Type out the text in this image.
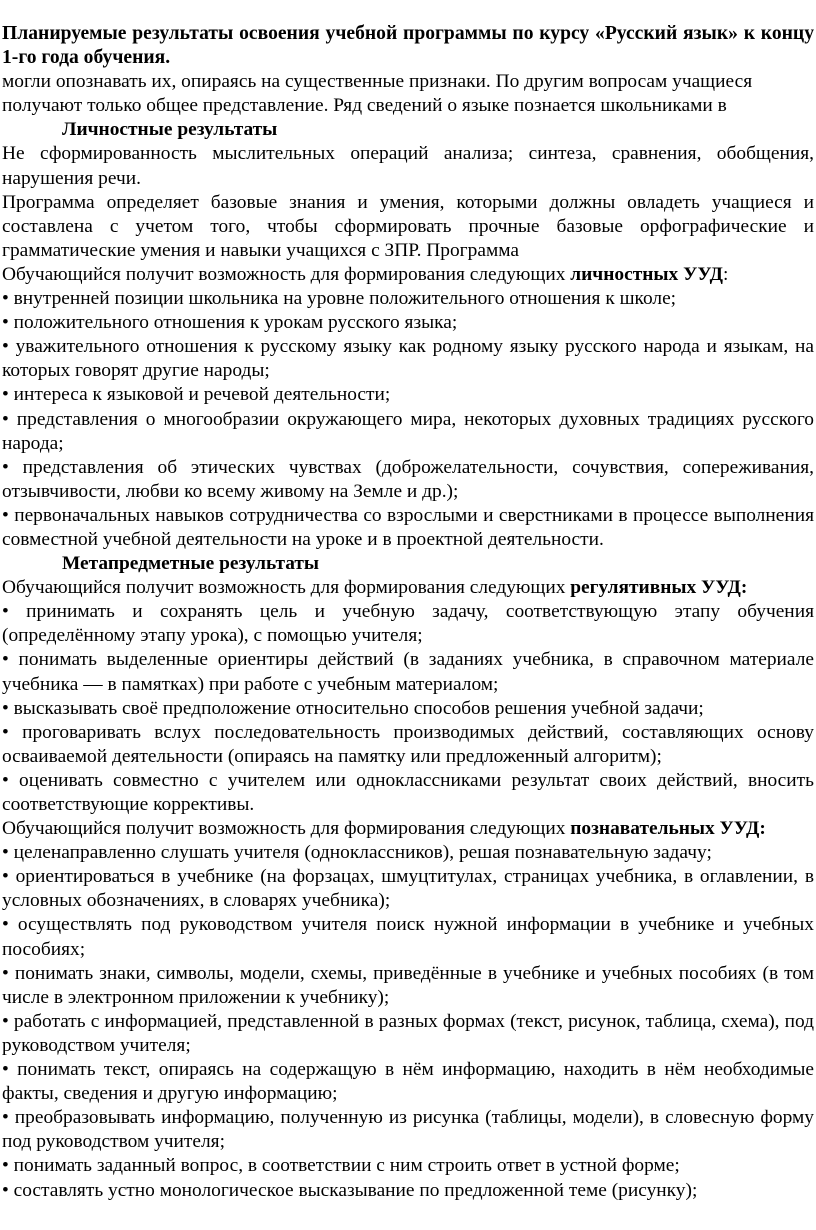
Планируемые результаты освоения учебной программы по курсу «Русский язык» к концу 1-го года обучения.

могли опознавать их, опираясь на существенные признаки. По другим вопросам учащиеся получают только общее представление. Ряд сведений о языке познается школьниками в

Личностные результаты

Не сформированность мыслительных операций анализа; синтеза, сравнения, обобщения, нарушения речи.

Программа определяет базовые знания и умения, которыми должны овладеть учащиеся и составлена с учетом того, чтобы сформировать прочные базовые орфографические и грамматические умения и навыки учащихся с ЗПР. Программа

Обучающийся получит возможность для формирования следующих личностных УУД:

• внутренней позиции школьника на уровне положительного отношения к школе;

• положительного отношения к урокам русского языка;

• уважительного отношения к русскому языку как родному языку русского народа и языкам, на которых говорят другие народы;

• интереса к языковой и речевой деятельности;

• представления о многообразии окружающего мира, некоторых духовных традициях русского народа;

• представления об этических чувствах (доброжелательности, сочувствия, сопереживания, отзывчивости, любви ко всему живому на Земле и др.);

• первоначальных навыков сотрудничества со взрослыми и сверстниками в процессе выполнения совместной учебной деятельности на уроке и в проектной деятельности.

Метапредметные результаты

Обучающийся получит возможность для формирования следующих регулятивных УУД:

• принимать и сохранять цель и учебную задачу, соответствующую этапу обучения (определённому этапу урока), с помощью учителя;

• понимать выделенные ориентиры действий (в заданиях учебника, в справочном материале учебника — в памятках) при работе с учебным материалом;

• высказывать своё предположение относительно способов решения учебной задачи;

• проговаривать вслух последовательность производимых действий, составляющих основу осваиваемой деятельности (опираясь на памятку или предложенный алгоритм);

• оценивать совместно с учителем или одноклассниками результат своих действий, вносить соответствующие коррективы.

Обучающийся получит возможность для формирования следующих познавательных УУД:

• целенаправленно слушать учителя (одноклассников), решая познавательную задачу;

• ориентироваться в учебнике (на форзацах, шмуцтитулах, страницах учебника, в оглавлении, в условных обозначениях, в словарях учебника);

• осуществлять под руководством учителя поиск нужной информации в учебнике и учебных пособиях;

• понимать знаки, символы, модели, схемы, приведённые в учебнике и учебных пособиях (в том числе в электронном приложении к учебнику);

• работать с информацией, представленной в разных формах (текст, рисунок, таблица, схема), под руководством учителя;

• понимать текст, опираясь на содержащую в нём информацию, находить в нём необходимые факты, сведения и другую информацию;

• преобразовывать информацию, полученную из рисунка (таблицы, модели), в словесную форму под руководством учителя;

• понимать заданный вопрос, в соответствии с ним строить ответ в устной форме;

• составлять устно монологическое высказывание по предложенной теме (рисунку);
